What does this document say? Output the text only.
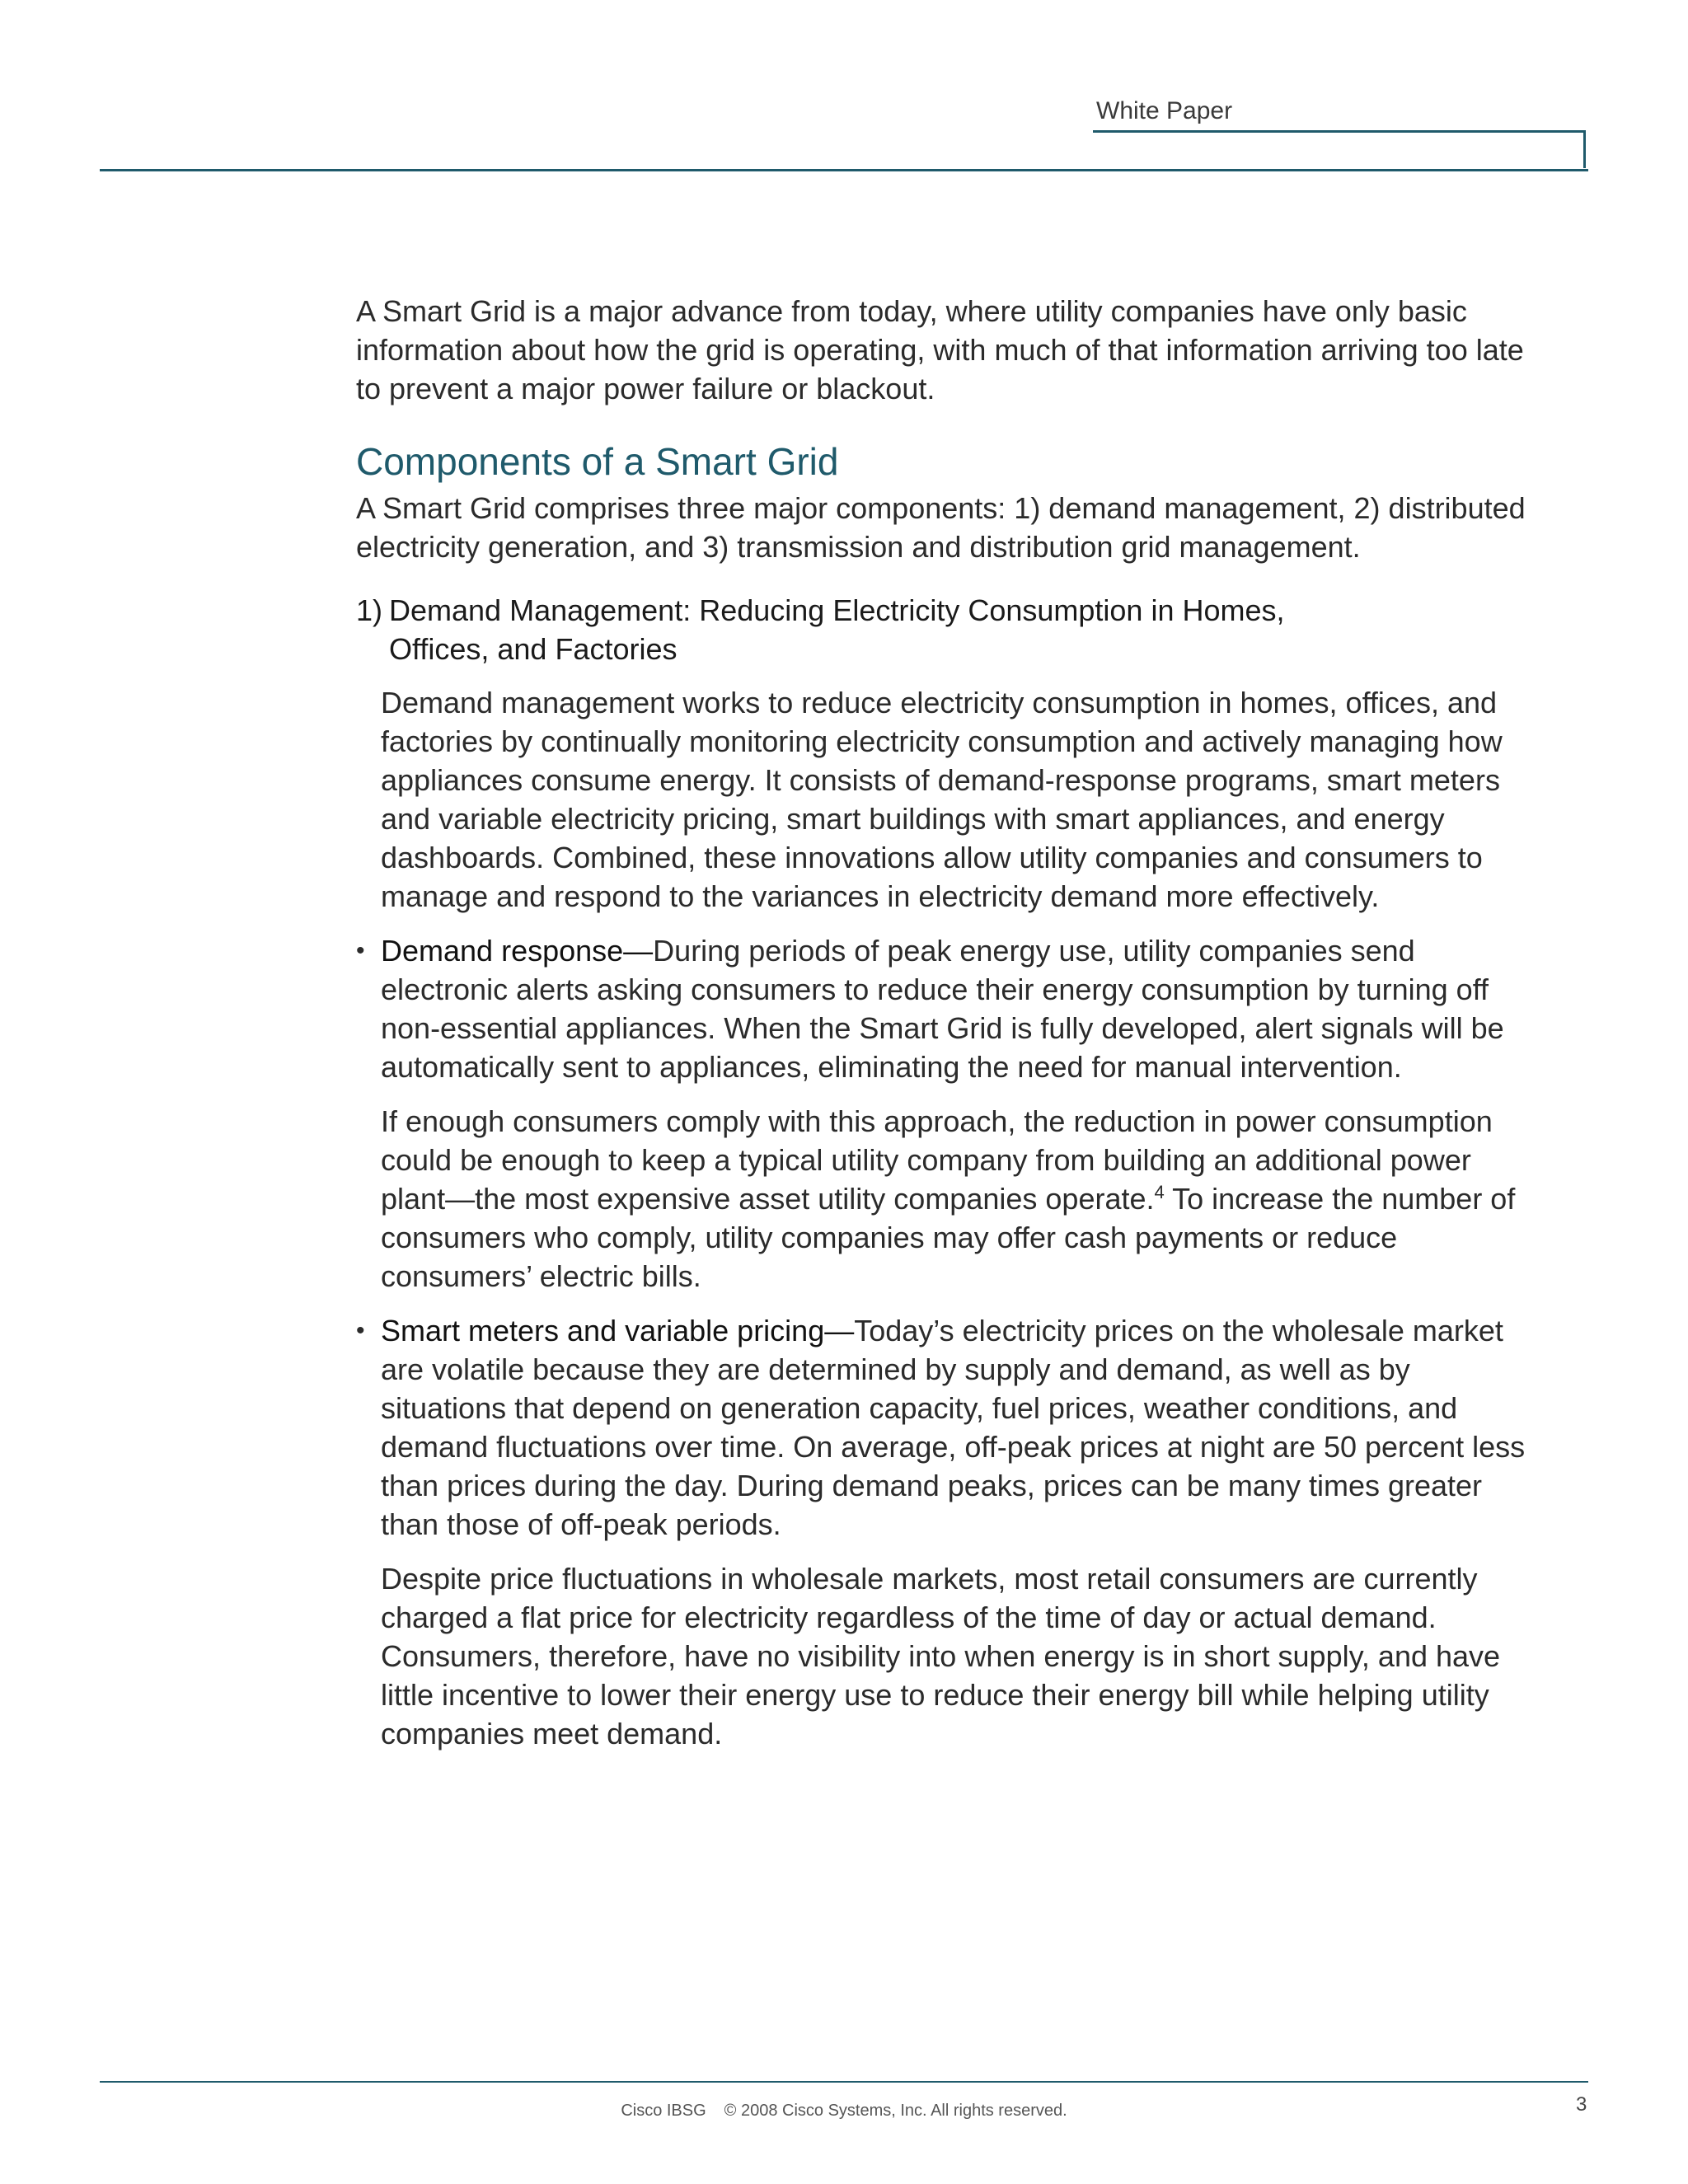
White Paper

A Smart Grid is a major advance from today, where utility companies have only basic information about how the grid is operating, with much of that information arriving too late to prevent a major power failure or blackout.

Components of a Smart Grid

A Smart Grid comprises three major components: 1) demand management, 2) distributed electricity generation, and 3) transmission and distribution grid management.

1) Demand Management: Reducing Electricity Consumption in Homes, Offices, and Factories

Demand management works to reduce electricity consumption in homes, offices, and factories by continually monitoring electricity consumption and actively managing how appliances consume energy. It consists of demand-response programs, smart meters and variable electricity pricing, smart buildings with smart appliances, and energy dashboards. Combined, these innovations allow utility companies and consumers to manage and respond to the variances in electricity demand more effectively.

• Demand response—During periods of peak energy use, utility companies send electronic alerts asking consumers to reduce their energy consumption by turning off non-essential appliances. When the Smart Grid is fully developed, alert signals will be automatically sent to appliances, eliminating the need for manual intervention.

If enough consumers comply with this approach, the reduction in power consumption could be enough to keep a typical utility company from building an additional power plant—the most expensive asset utility companies operate.$^4$ To increase the number of consumers who comply, utility companies may offer cash payments or reduce consumers’ electric bills.

• Smart meters and variable pricing—Today’s electricity prices on the wholesale market are volatile because they are determined by supply and demand, as well as by situations that depend on generation capacity, fuel prices, weather conditions, and demand fluctuations over time. On average, off-peak prices at night are 50 percent less than prices during the day. During demand peaks, prices can be many times greater than those of off-peak periods.

Despite price fluctuations in wholesale markets, most retail consumers are currently charged a flat price for electricity regardless of the time of day or actual demand. Consumers, therefore, have no visibility into when energy is in short supply, and have little incentive to lower their energy use to reduce their energy bill while helping utility companies meet demand.

Cisco IBSG © 2008 Cisco Systems, Inc. All rights reserved.	3
